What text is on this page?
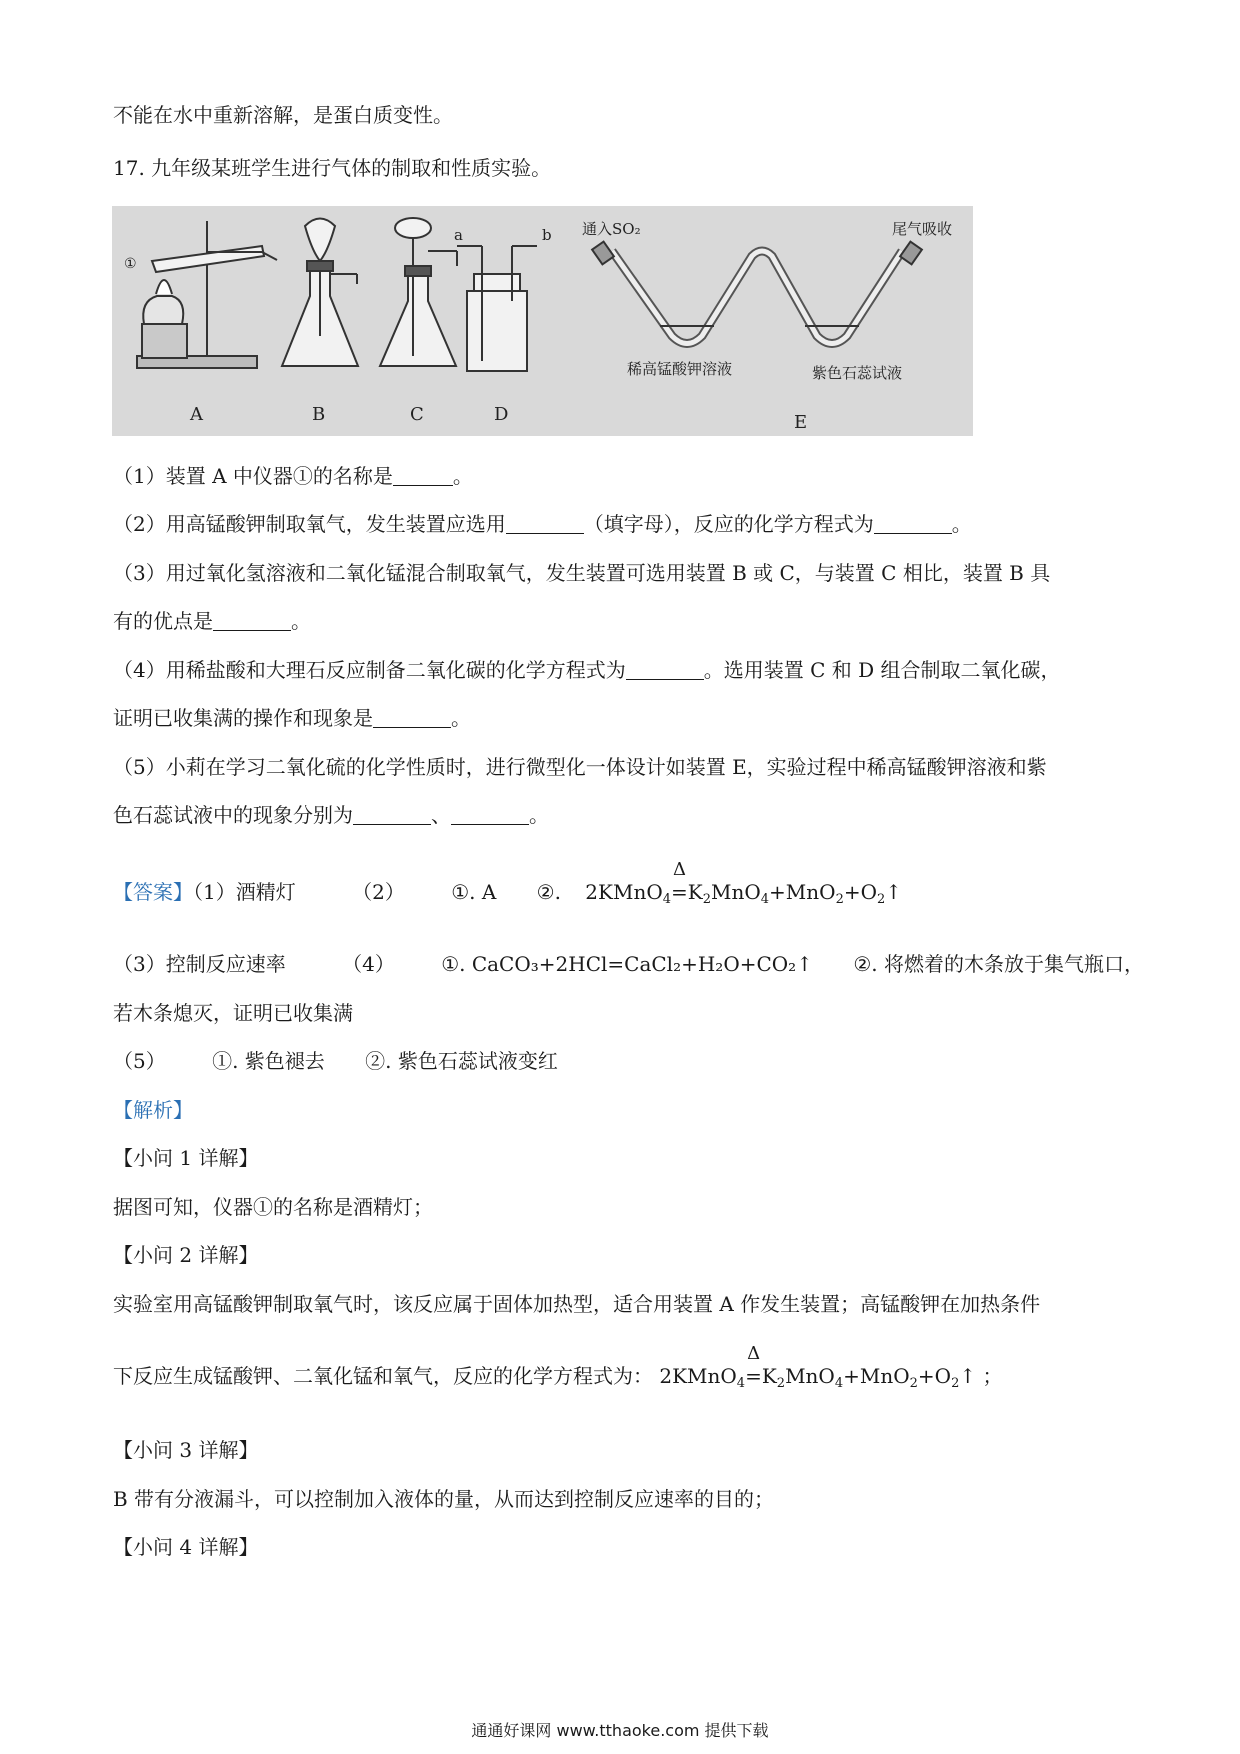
不能在水中重新溶解，是蛋白质变性。
17. 九年级某班学生进行气体的制取和性质实验。
A	B	C	D	E
①
a	b 通入SO₂	尾气吸收
稀高锰酸钾溶液	紫色石蕊试液
（1）装置 A 中仪器①的名称是	。
（2）用高锰酸钾制取氧气，发生装置应选用	（填字母），反应的化学方程式为	。
（3）用过氧化氢溶液和二氧化锰混合制取氧气，发生装置可选用装置 B 或 C，与装置 C 相比，装置 B 具
有的优点是	。
（4）用稀盐酸和大理石反应制备二氧化碳的化学方程式为	。选用装置 C 和 D 组合制取二氧化碳，
证明已收集满的操作和现象是	。
（5）小莉在学习二氧化硫的化学性质时，进行微型化一体设计如装置 E，实验过程中稀高锰酸钾溶液和紫
色石蕊试液中的现象分别为	、	。
【答案】（1）酒精灯	（2） ①. A ②. 2KMnO$_4$
Δ
$=K_2MnO_4+MnO_2+O_2↑$
（3）控制反应速率	（4） ①. CaCO₃+2HCl=CaCl₂+H₂O+CO₂↑ ②. 将燃着的木条放于集气瓶口，
若木条熄灭，证明已收集满
（5） ①. 紫色褪去 ②. 紫色石蕊试液变红
【解析】
【小问 1 详解】
据图可知，仪器①的名称是酒精灯；
【小问 2 详解】
实验室用高锰酸钾制取氧气时，该反应属于固体加热型，适合用装置 A 作发生装置；高锰酸钾在加热条件
下反应生成锰酸钾、二氧化锰和氧气，反应的化学方程式为： 2KMnO$_4$
Δ
$=K_2MnO_4+MnO_2+O_2↑$ ；
【小问 3 详解】
B 带有分液漏斗，可以控制加入液体的量，从而达到控制反应速率的目的；
【小问 4 详解】
通通好课网 www.tthaoke.com 提供下载
